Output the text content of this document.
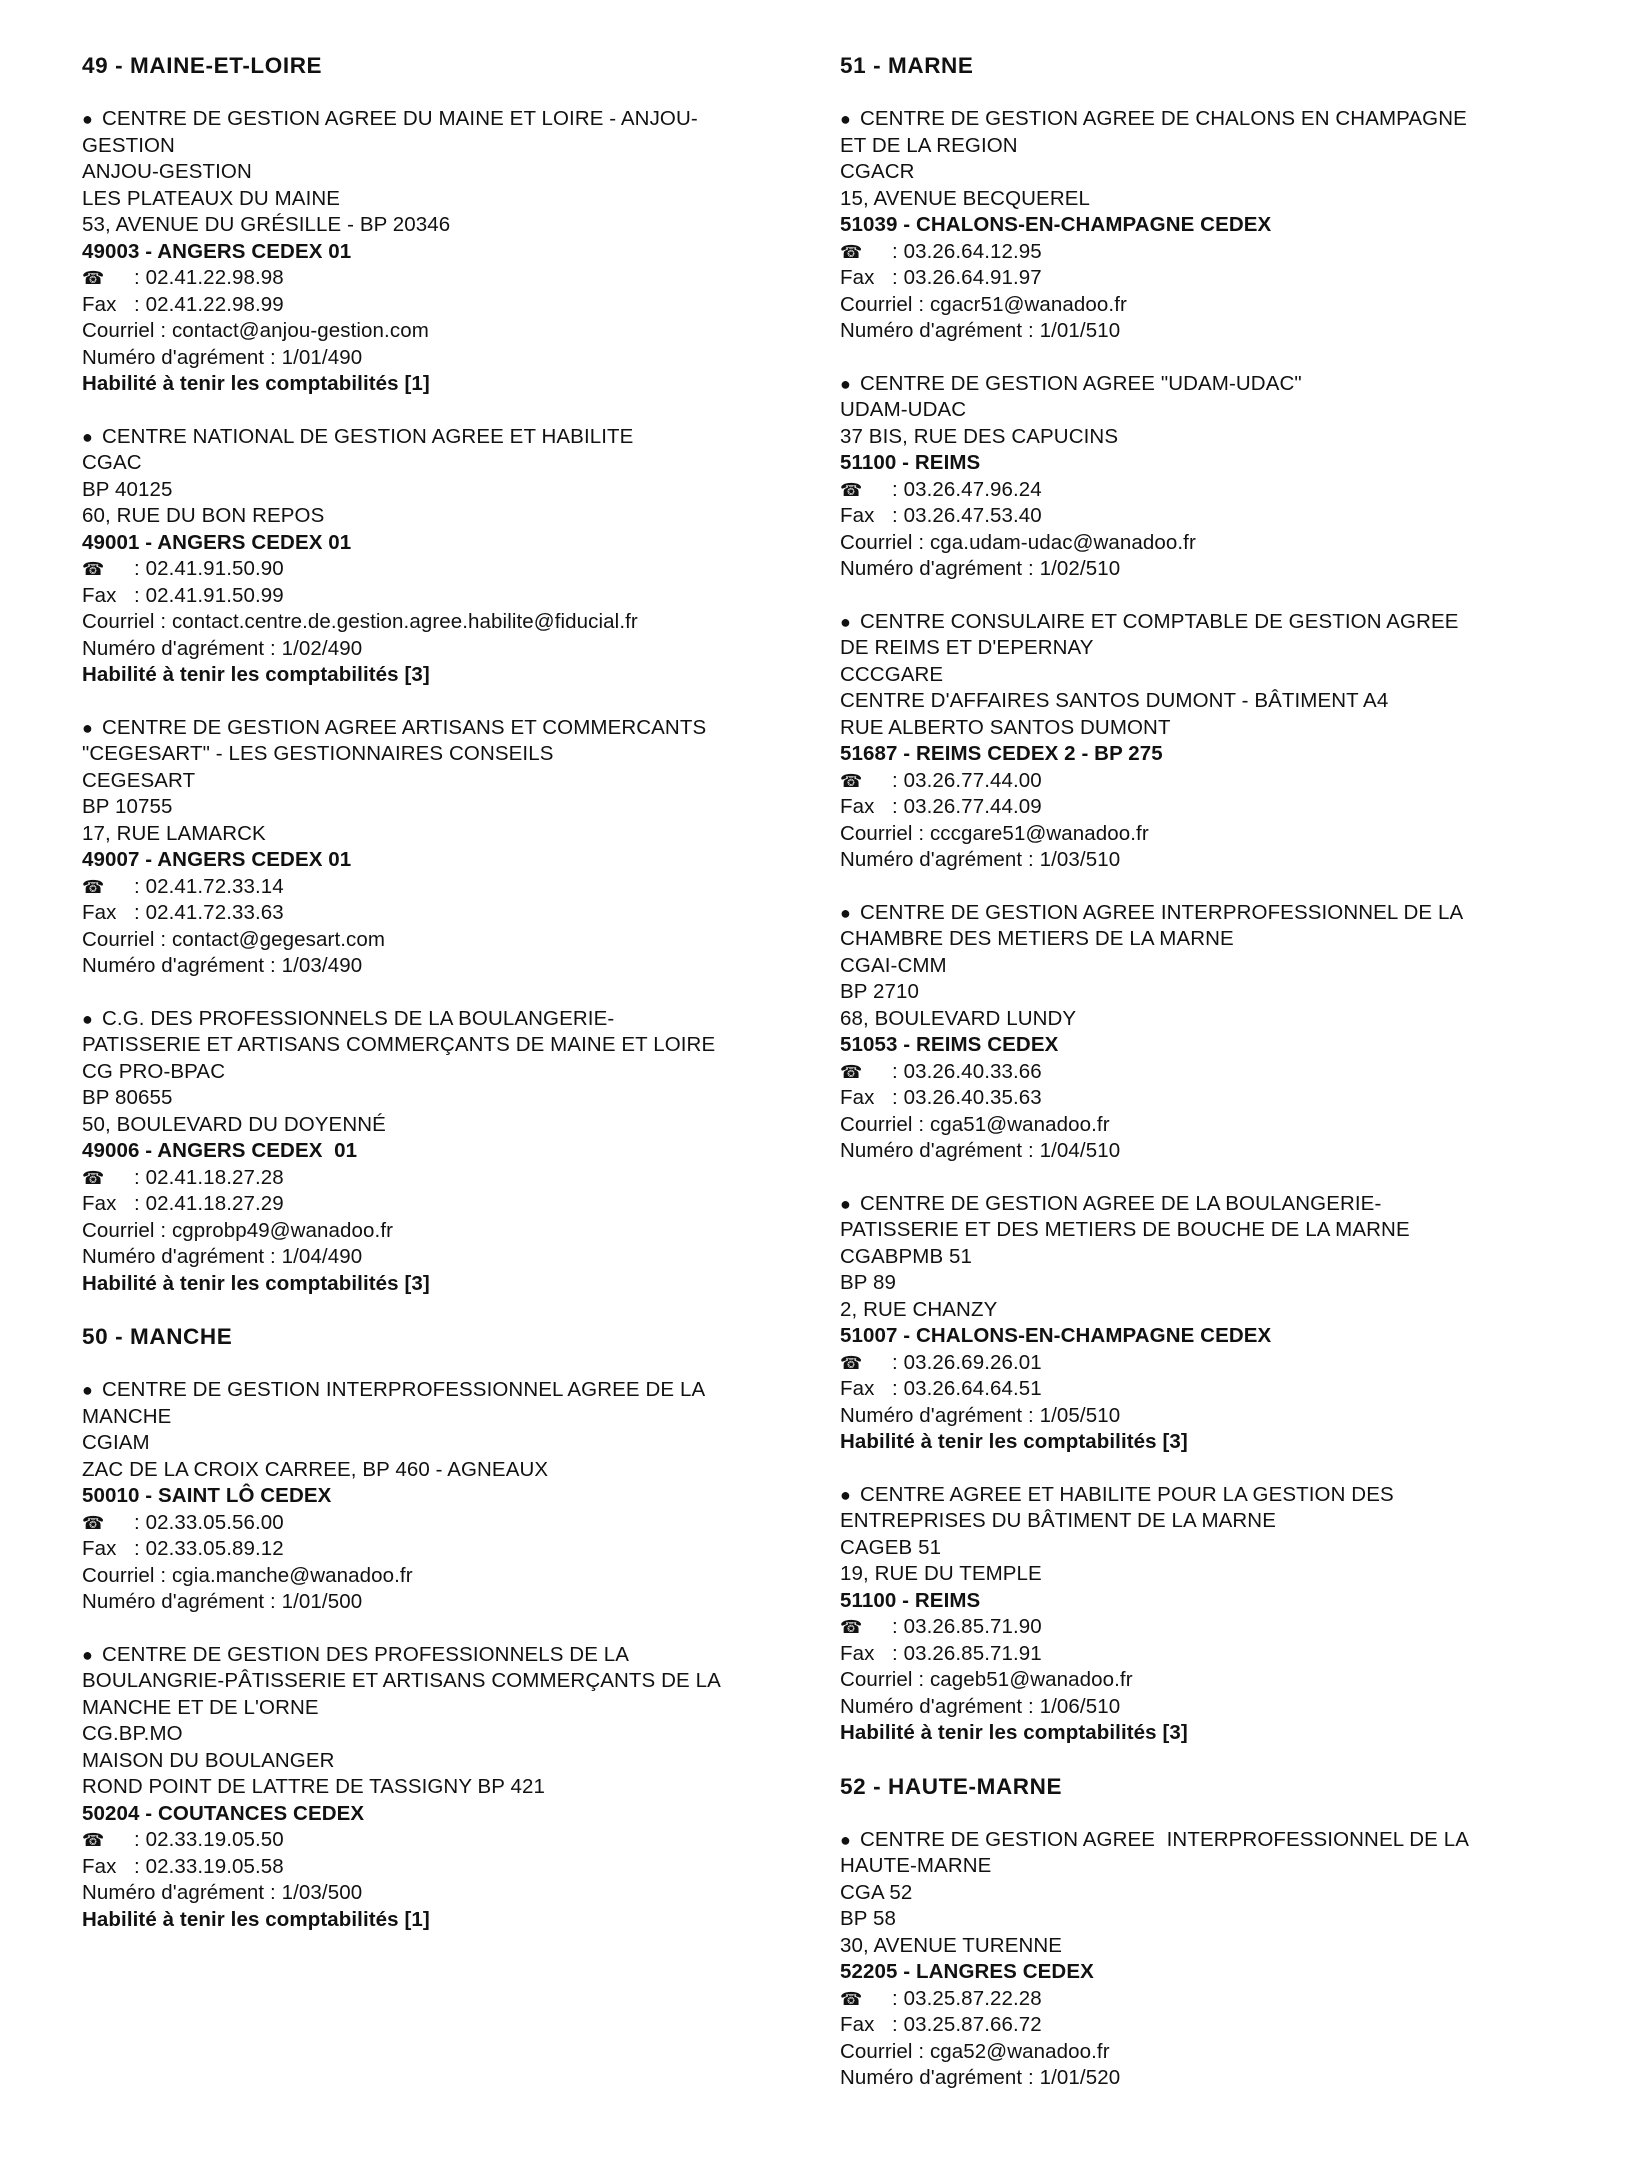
49 - MAINE-ET-LOIRE
● CENTRE DE GESTION AGREE DU MAINE ET LOIRE - ANJOU-
GESTION
ANJOU-GESTION
LES PLATEAUX DU MAINE
53, AVENUE DU GRÉSILLE - BP 20346
49003 - ANGERS CEDEX 01
☎ : 02.41.22.98.98
Fax : 02.41.22.98.99
Courriel : contact@anjou-gestion.com
Numéro d'agrément : 1/01/490
Habilité à tenir les comptabilités [1]
● CENTRE NATIONAL DE GESTION AGREE ET HABILITE
CGAC
BP 40125
60, RUE DU BON REPOS
49001 - ANGERS CEDEX 01
☎ : 02.41.91.50.90
Fax : 02.41.91.50.99
Courriel : contact.centre.de.gestion.agree.habilite@fiducial.fr
Numéro d'agrément : 1/02/490
Habilité à tenir les comptabilités [3]
● CENTRE DE GESTION AGREE ARTISANS ET COMMERCANTS
"CEGESART" - LES GESTIONNAIRES CONSEILS
CEGESART
BP 10755
17, RUE LAMARCK
49007 - ANGERS CEDEX 01
☎ : 02.41.72.33.14
Fax : 02.41.72.33.63
Courriel : contact@gegesart.com
Numéro d'agrément : 1/03/490
● C.G. DES PROFESSIONNELS DE LA BOULANGERIE-
PATISSERIE ET ARTISANS COMMERÇANTS DE MAINE ET LOIRE
CG PRO-BPAC
BP 80655
50, BOULEVARD DU DOYENNÉ
49006 - ANGERS CEDEX  01
☎ : 02.41.18.27.28
Fax : 02.41.18.27.29
Courriel : cgprobp49@wanadoo.fr
Numéro d'agrément : 1/04/490
Habilité à tenir les comptabilités [3]
50 - MANCHE
● CENTRE DE GESTION INTERPROFESSIONNEL AGREE DE LA
MANCHE
CGIAM
ZAC DE LA CROIX CARREE, BP 460 - AGNEAUX
50010 - SAINT LÔ CEDEX
☎ : 02.33.05.56.00
Fax : 02.33.05.89.12
Courriel : cgia.manche@wanadoo.fr
Numéro d'agrément : 1/01/500
● CENTRE DE GESTION DES PROFESSIONNELS DE LA
BOULANGRIE-PÂTISSERIE ET ARTISANS COMMERÇANTS DE LA
MANCHE ET DE L'ORNE
CG.BP.MO
MAISON DU BOULANGER
ROND POINT DE LATTRE DE TASSIGNY BP 421
50204 - COUTANCES CEDEX
☎ : 02.33.19.05.50
Fax : 02.33.19.05.58
Numéro d'agrément : 1/03/500
Habilité à tenir les comptabilités [1]
51 - MARNE
● CENTRE DE GESTION AGREE DE CHALONS EN CHAMPAGNE
ET DE LA REGION
CGACR
15, AVENUE BECQUEREL
51039 - CHALONS-EN-CHAMPAGNE CEDEX
☎ : 03.26.64.12.95
Fax : 03.26.64.91.97
Courriel : cgacr51@wanadoo.fr
Numéro d'agrément : 1/01/510
● CENTRE DE GESTION AGREE "UDAM-UDAC"
UDAM-UDAC
37 BIS, RUE DES CAPUCINS
51100 - REIMS
☎ : 03.26.47.96.24
Fax : 03.26.47.53.40
Courriel : cga.udam-udac@wanadoo.fr
Numéro d'agrément : 1/02/510
● CENTRE CONSULAIRE ET COMPTABLE DE GESTION AGREE
DE REIMS ET D'EPERNAY
CCCGARE
CENTRE D'AFFAIRES SANTOS DUMONT - BÂTIMENT A4
RUE ALBERTO SANTOS DUMONT
51687 - REIMS CEDEX 2 - BP 275
☎ : 03.26.77.44.00
Fax : 03.26.77.44.09
Courriel : cccgare51@wanadoo.fr
Numéro d'agrément : 1/03/510
● CENTRE DE GESTION AGREE INTERPROFESSIONNEL DE LA
CHAMBRE DES METIERS DE LA MARNE
CGAI-CMM
BP 2710
68, BOULEVARD LUNDY
51053 - REIMS CEDEX
☎ : 03.26.40.33.66
Fax : 03.26.40.35.63
Courriel : cga51@wanadoo.fr
Numéro d'agrément : 1/04/510
● CENTRE DE GESTION AGREE DE LA BOULANGERIE-
PATISSERIE ET DES METIERS DE BOUCHE DE LA MARNE
CGABPMB 51
BP 89
2, RUE CHANZY
51007 - CHALONS-EN-CHAMPAGNE CEDEX
☎ : 03.26.69.26.01
Fax : 03.26.64.64.51
Numéro d'agrément : 1/05/510
Habilité à tenir les comptabilités [3]
● CENTRE AGREE ET HABILITE POUR LA GESTION DES
ENTREPRISES DU BÂTIMENT DE LA MARNE
CAGEB 51
19, RUE DU TEMPLE
51100 - REIMS
☎ : 03.26.85.71.90
Fax : 03.26.85.71.91
Courriel : cageb51@wanadoo.fr
Numéro d'agrément : 1/06/510
Habilité à tenir les comptabilités [3]
52 - HAUTE-MARNE
● CENTRE DE GESTION AGREE  INTERPROFESSIONNEL DE LA
HAUTE-MARNE
CGA 52
BP 58
30, AVENUE TURENNE
52205 - LANGRES CEDEX
☎ : 03.25.87.22.28
Fax : 03.25.87.66.72
Courriel : cga52@wanadoo.fr
Numéro d'agrément : 1/01/520
